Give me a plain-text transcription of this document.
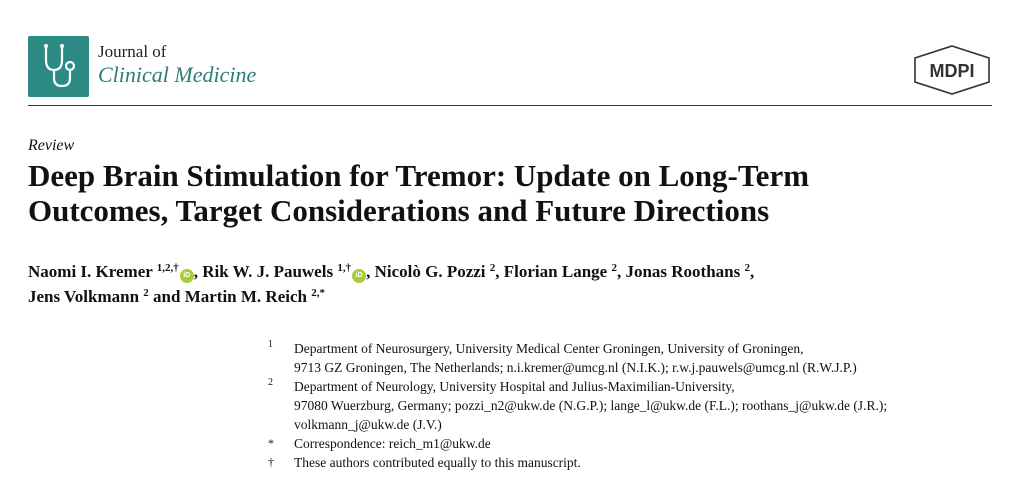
Journal of
Clinical Medicine	MDPI
Review
Deep Brain Stimulation for Tremor: Update on Long-Term
Outcomes, Target Considerations and Future Directions
Naomi I. Kremer $^{1,2,\dagger}$iD , Rik W. J. Pauwels $^{1,\dagger}$iD , Nicolò G. Pozzi $^2$, Florian Lange $^2$, Jonas Roothans $^2$,
Jens Volkmann $^2$ and Martin M. Reich $^{2,*}$
1 Department of Neurosurgery, University Medical Center Groningen, University of Groningen,
9713 GZ Groningen, The Netherlands; n.i.kremer@umcg.nl (N.I.K.); r.w.j.pauwels@umcg.nl (R.W.J.P.)
2 Department of Neurology, University Hospital and Julius-Maximilian-University,
97080 Wuerzburg, Germany; pozzi_n2@ukw.de (N.G.P.); lange_l@ukw.de (F.L.); roothans_j@ukw.de (J.R.);
volkmann_j@ukw.de (J.V.)
* Correspondence: reich_m1@ukw.de
† These authors contributed equally to this manuscript.
